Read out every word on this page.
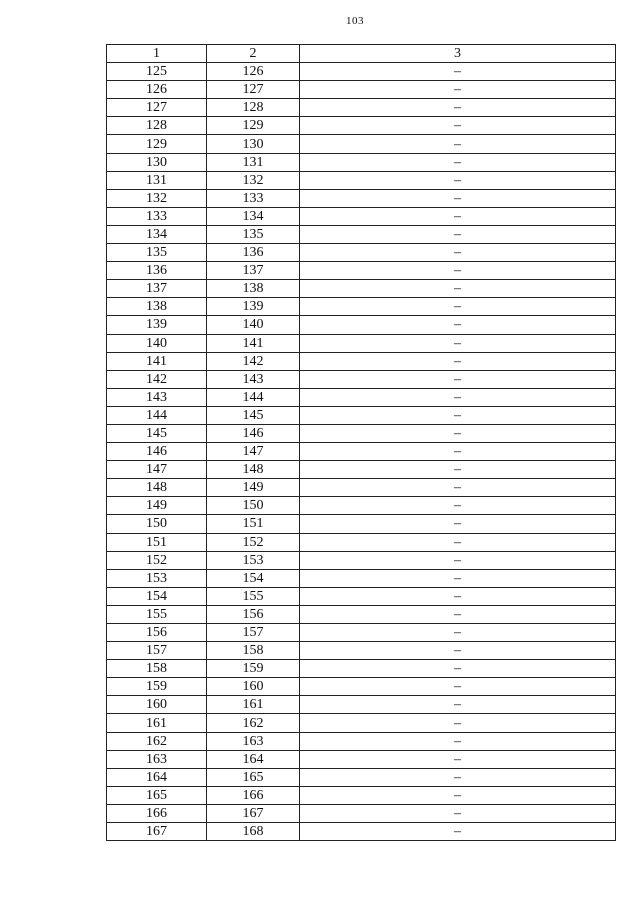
103
1	2	3
125	126	–
126	127	–
127	128	–
128	129	–
129	130	–
130	131	–
131	132	–
132	133	–
133	134	–
134	135	–
135	136	–
136	137	–
137	138	–
138	139	–
139	140	–
140	141	–
141	142	–
142	143	–
143	144	–
144	145	–
145	146	–
146	147	–
147	148	–
148	149	–
149	150	–
150	151	–
151	152	–
152	153	–
153	154	–
154	155	–
155	156	–
156	157	–
157	158	–
158	159	–
159	160	–
160	161	–
161	162	–
162	163	–
163	164	–
164	165	–
165	166	–
166	167	–
167	168	–
